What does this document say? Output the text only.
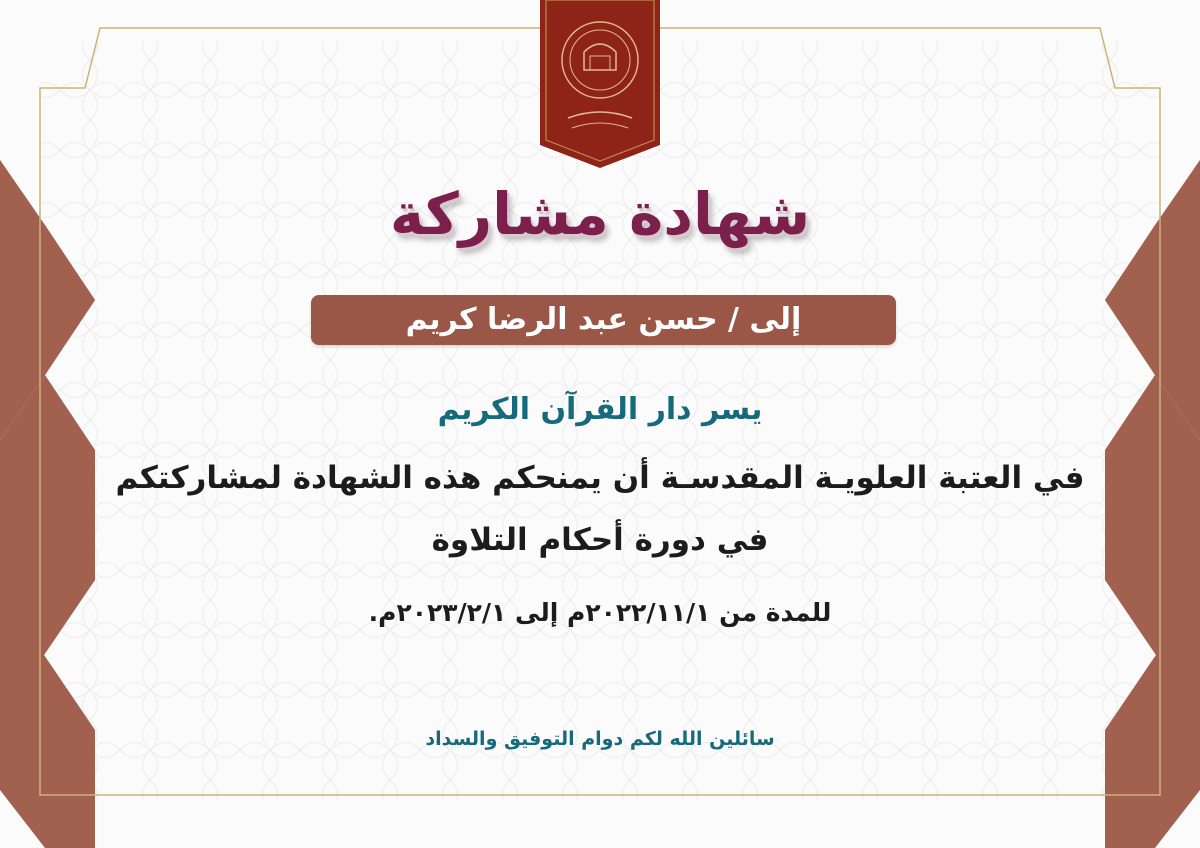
شهادة مشاركة
إلى / حسن عبد الرضا كريم
يسر دار القرآن الكريم
في العتبة العلويـة المقدسـة أن يمنحكم هذه الشهادة لمشاركتكم
في دورة أحكام التلاوة
للمدة من ٢٠٢٢/١١/١م إلى ٢٠٢٣/٢/١م.
سائلين الله لكم دوام التوفيق والسداد
